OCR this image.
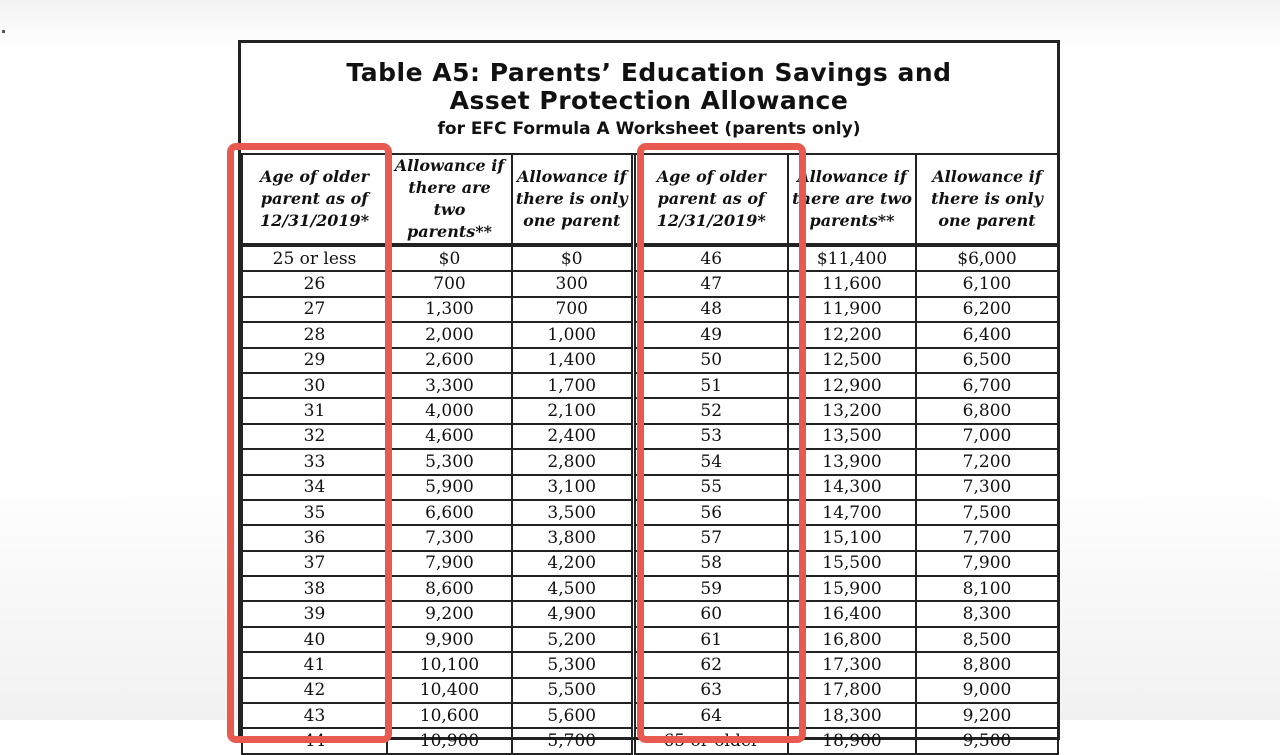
Table A5: Parents’ Education Savings and
Asset Protection Allowance
for EFC Formula A Worksheet (parents only)
Age of older parent as of 12/31/2019*	Allowance if there are two parents**	Allowance if there is only one parent	Age of older parent as of 12/31/2019*	Allowance if there are two parents**	Allowance if there is only one parent
25 or less	$0	$0	46	$11,400	$6,000
26	700	300	47	11,600	6,100
27	1,300	700	48	11,900	6,200
28	2,000	1,000	49	12,200	6,400
29	2,600	1,400	50	12,500	6,500
30	3,300	1,700	51	12,900	6,700
31	4,000	2,100	52	13,200	6,800
32	4,600	2,400	53	13,500	7,000
33	5,300	2,800	54	13,900	7,200
34	5,900	3,100	55	14,300	7,300
35	6,600	3,500	56	14,700	7,500
36	7,300	3,800	57	15,100	7,700
37	7,900	4,200	58	15,500	7,900
38	8,600	4,500	59	15,900	8,100
39	9,200	4,900	60	16,400	8,300
40	9,900	5,200	61	16,800	8,500
41	10,100	5,300	62	17,300	8,800
42	10,400	5,500	63	17,800	9,000
43	10,600	5,600	64	18,300	9,200
44	10,900	5,700	65 or older	18,900	9,500
